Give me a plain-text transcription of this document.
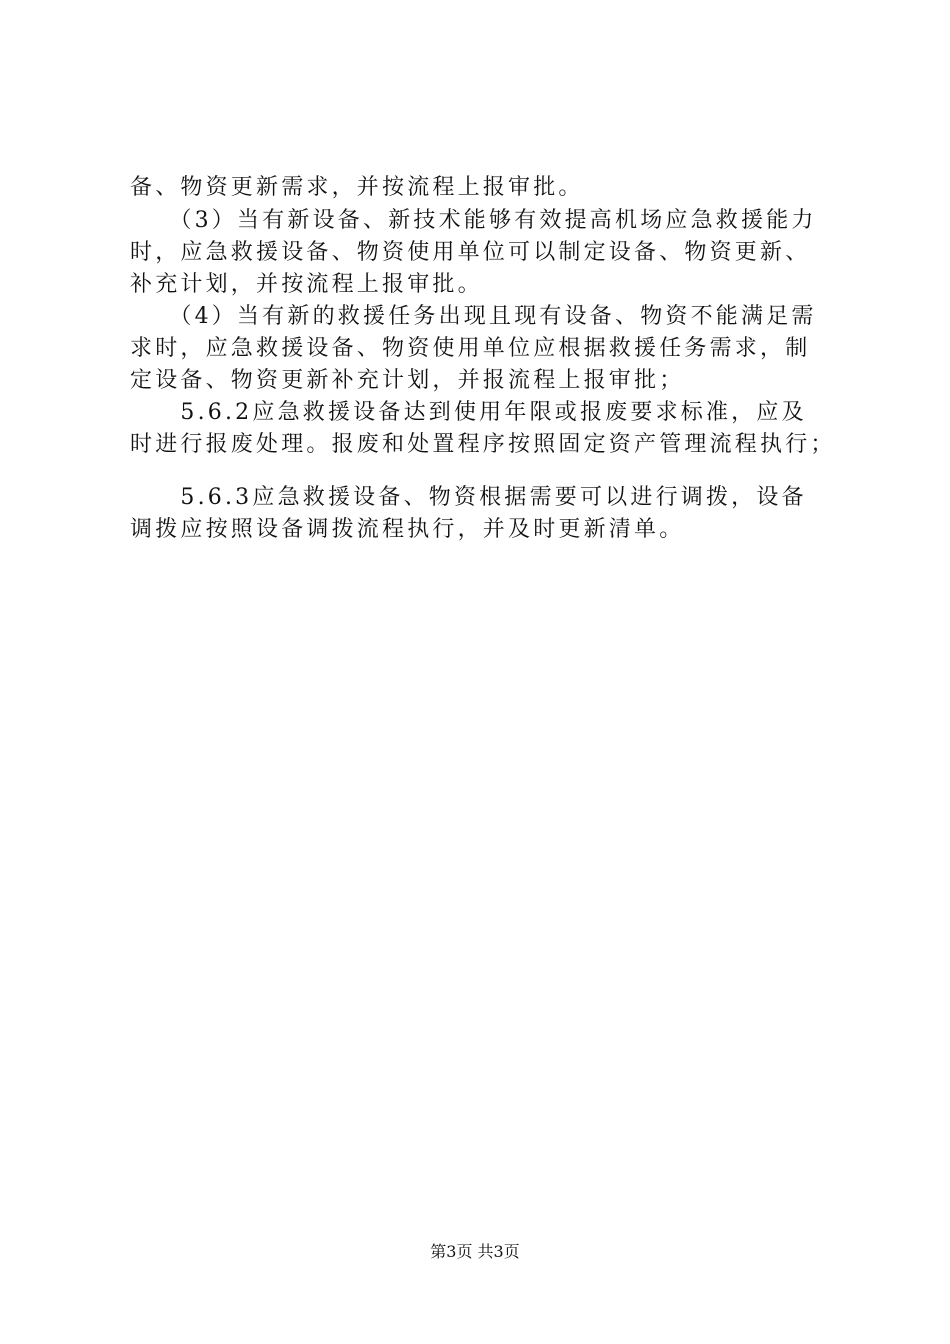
备、物资更新需求，并按流程上报审批。
　　（3）当有新设备、新技术能够有效提高机场应急救援能力
时，应急救援设备、物资使用单位可以制定设备、物资更新、
补充计划，并按流程上报审批。
　　（4）当有新的救援任务出现且现有设备、物资不能满足需
求时，应急救援设备、物资使用单位应根据救援任务需求，制
定设备、物资更新补充计划，并报流程上报审批；
　　5.6.2应急救援设备达到使用年限或报废要求标准，应及
时进行报废处理。报废和处置程序按照固定资产管理流程执行；
　　5.6.3应急救援设备、物资根据需要可以进行调拨，设备
调拨应按照设备调拨流程执行，并及时更新清单。
第3页 共3页
